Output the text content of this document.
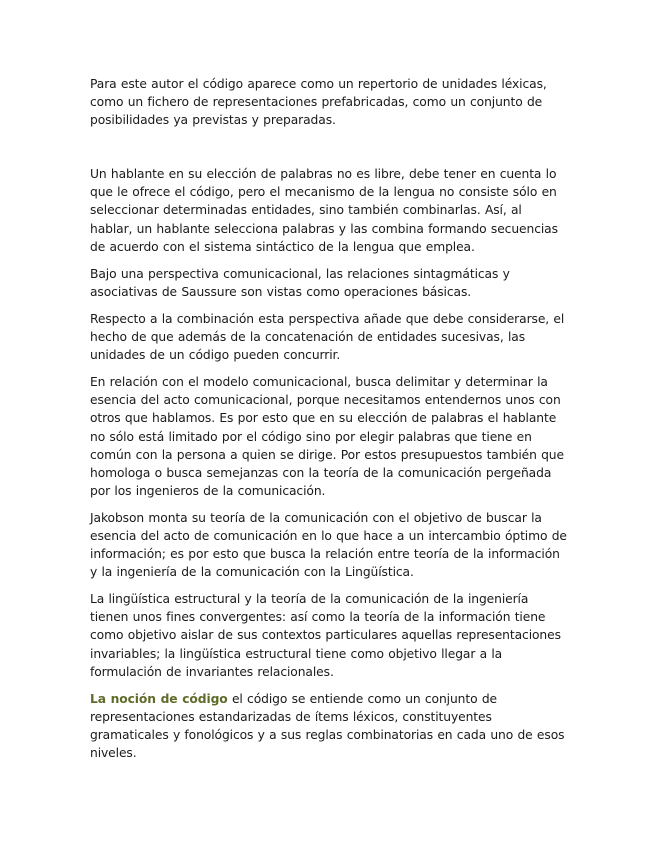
Para este autor el código aparece como un repertorio de unidades léxicas, como un fichero de representaciones prefabricadas, como un conjunto de posibilidades ya previstas y preparadas.

Un hablante en su elección de palabras no es libre, debe tener en cuenta lo que le ofrece el código, pero el mecanismo de la lengua no consiste sólo en seleccionar determinadas entidades, sino también combinarlas. Así, al hablar, un hablante selecciona palabras y las combina formando secuencias de acuerdo con el sistema sintáctico de la lengua que emplea.

Bajo una perspectiva comunicacional, las relaciones sintagmáticas y asociativas de Saussure son vistas como operaciones básicas.

Respecto a la combinación esta perspectiva añade que debe considerarse, el hecho de que además de la concatenación de entidades sucesivas, las unidades de un código pueden concurrir.

En relación con el modelo comunicacional, busca delimitar y determinar la esencia del acto comunicacional, porque necesitamos entendernos unos con otros que hablamos. Es por esto que en su elección de palabras el hablante no sólo está limitado por el código sino por elegir palabras que tiene en común con la persona a quien se dirige. Por estos presupuestos también que homologa o busca semejanzas con la teoría de la comunicación pergeñada por los ingenieros de la comunicación.

Jakobson monta su teoría de la comunicación con el objetivo de buscar la esencia del acto de comunicación en lo que hace a un intercambio óptimo de información; es por esto que busca la relación entre teoría de la información y la ingeniería de la comunicación con la Lingüística.

La lingüística estructural y la teoría de la comunicación de la ingeniería tienen unos fines convergentes: así como la teoría de la información tiene como objetivo aislar de sus contextos particulares aquellas representaciones invariables; la lingüística estructural tiene como objetivo llegar a la formulación de invariantes relacionales.

La noción de código el código se entiende como un conjunto de representaciones estandarizadas de ítems léxicos, constituyentes gramaticales y fonológicos y a sus reglas combinatorias en cada uno de esos niveles.
